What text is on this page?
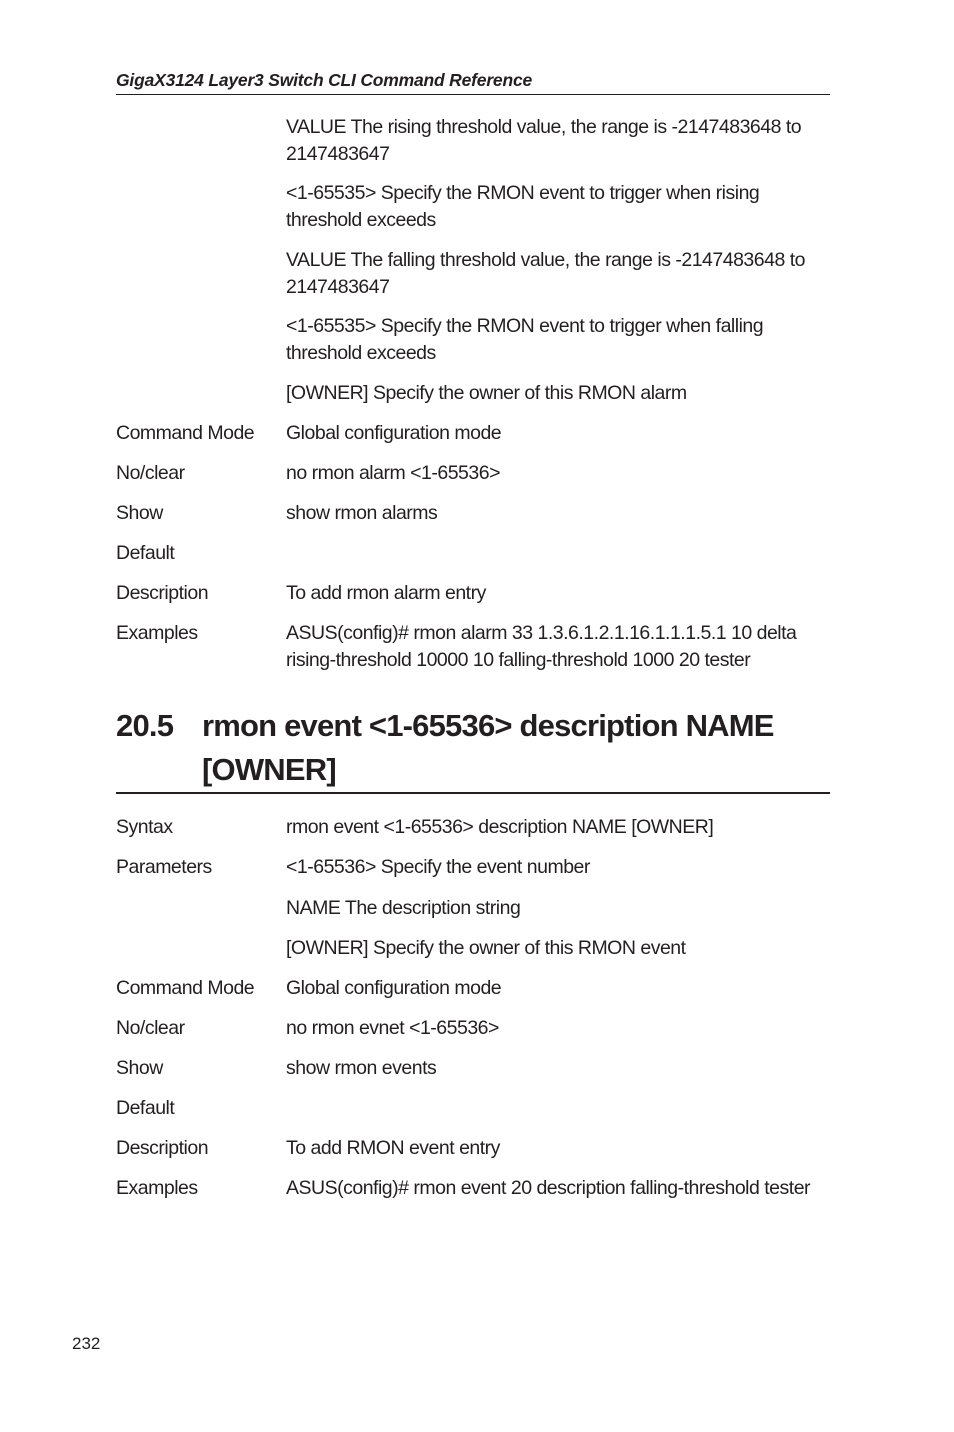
GigaX3124 Layer3 Switch CLI Command Reference
VALUE The rising threshold value, the range is -2147483648 to 2147483647
<1-65535> Specify the RMON event to trigger when rising threshold exceeds
VALUE The falling threshold value, the range is -2147483648 to 2147483647
<1-65535> Specify the RMON event to trigger when falling threshold exceeds
[OWNER] Specify the owner of this RMON alarm
Command Mode	Global configuration mode
No/clear	no rmon alarm <1-65536>
Show	show rmon alarms
Default
Description	To add rmon alarm entry
Examples	ASUS(config)# rmon alarm 33 1.3.6.1.2.1.16.1.1.1.5.1 10 delta rising-threshold 10000 10 falling-threshold 1000 20 tester
20.5 rmon event <1-65536> description NAME [OWNER]
Syntax	rmon event <1-65536> description NAME [OWNER]
Parameters	<1-65536> Specify the event number
NAME The description string
[OWNER] Specify the owner of this RMON event
Command Mode	Global configuration mode
No/clear	no rmon evnet <1-65536>
Show	show rmon events
Default
Description	To add RMON event entry
Examples	ASUS(config)# rmon event 20 description falling-threshold tester
232
